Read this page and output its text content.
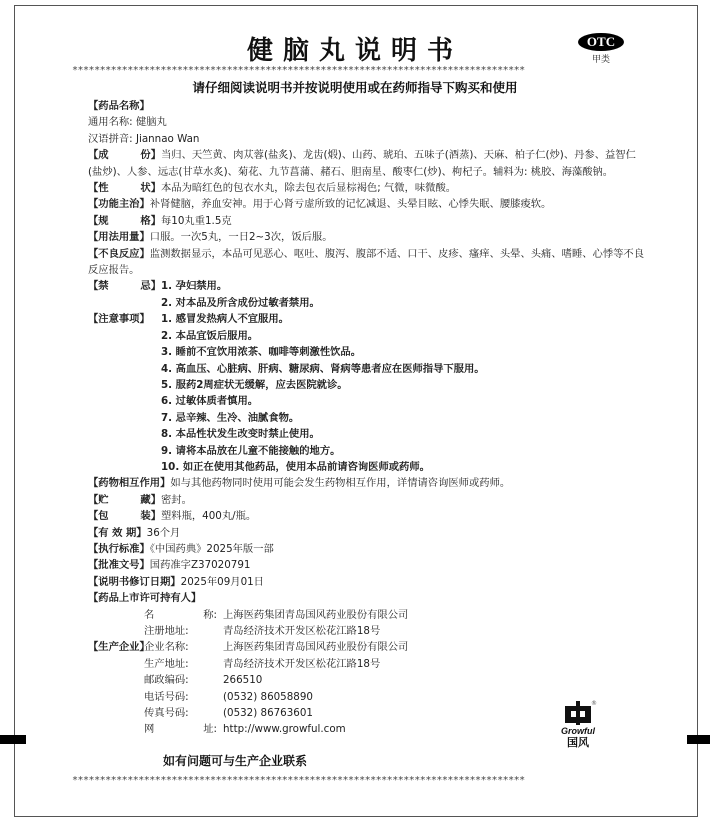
健脑丸说明书	OTC
甲类
**********************************************************************************
请仔细阅读说明书并按说明使用或在药师指导下购买和使用
【药品名称】
通用名称: 健脑丸
汉语拼音: Jiannao Wan
【成	份】 当归、天竺黄、肉苁蓉(盐炙)、龙齿(煅)、山药、琥珀、五味子(酒蒸)、天麻、柏子仁(炒)、丹参、益智仁(盐炒)、人参、远志(甘草水炙)、菊花、九节菖蒲、赭石、胆南星、酸枣仁(炒)、枸杞子。辅料为: 桃胶、海藻酸钠。
【性	状】 本品为暗红色的包衣水丸，除去包衣后显棕褐色; 气微，味微酸。
【功能主治】补肾健脑，养血安神。用于心肾亏虚所致的记忆减退、头晕目眩、心悸失眠、腰膝痠软。
【规	格】 每10丸重1.5克
【用法用量】口服。一次5丸，一日2~3次，饭后服。
【不良反应】监测数据显示，本品可见恶心、呕吐、腹泻、腹部不适、口干、皮疹、瘙痒、头晕、头痛、嗜睡、心悸等不良反应报告。
【禁	忌】 1. 孕妇禁用。
2. 对本品及所含成份过敏者禁用。
【注意事项】	1. 感冒发热病人不宜服用。
2. 本品宜饭后服用。
3. 睡前不宜饮用浓茶、咖啡等刺激性饮品。
4. 高血压、心脏病、肝病、糖尿病、肾病等患者应在医师指导下服用。
5. 服药2周症状无缓解，应去医院就诊。
6. 过敏体质者慎用。
7. 忌辛辣、生冷、油腻食物。
8. 本品性状发生改变时禁止使用。
9. 请将本品放在儿童不能接触的地方。
10. 如正在使用其他药品，使用本品前请咨询医师或药师。
【药物相互作用】如与其他药物同时使用可能会发生药物相互作用，详情请咨询医师或药师。
【贮	藏】 密封。
【包	装】 塑料瓶，400丸/瓶。
【有 效 期】36个月
【执行标准】《中国药典》2025年版一部
【批准文号】国药准字Z37020791
【说明书修订日期】2025年09月01日
【药品上市许可持有人】
名	称: 上海医药集团青岛国风药业股份有限公司
注册地址:	青岛经济技术开发区松花江路18号
【生产企业】
企业名称:	上海医药集团青岛国风药业股份有限公司
生产地址:	青岛经济技术开发区松花江路18号
邮政编码:	266510
电话号码:	(0532) 86058890
传真号码:	(0532) 86763601
网	址: http://www.growful.com
如有问题可与生产企业联系
**********************************************************************************
Growful
国风
®
